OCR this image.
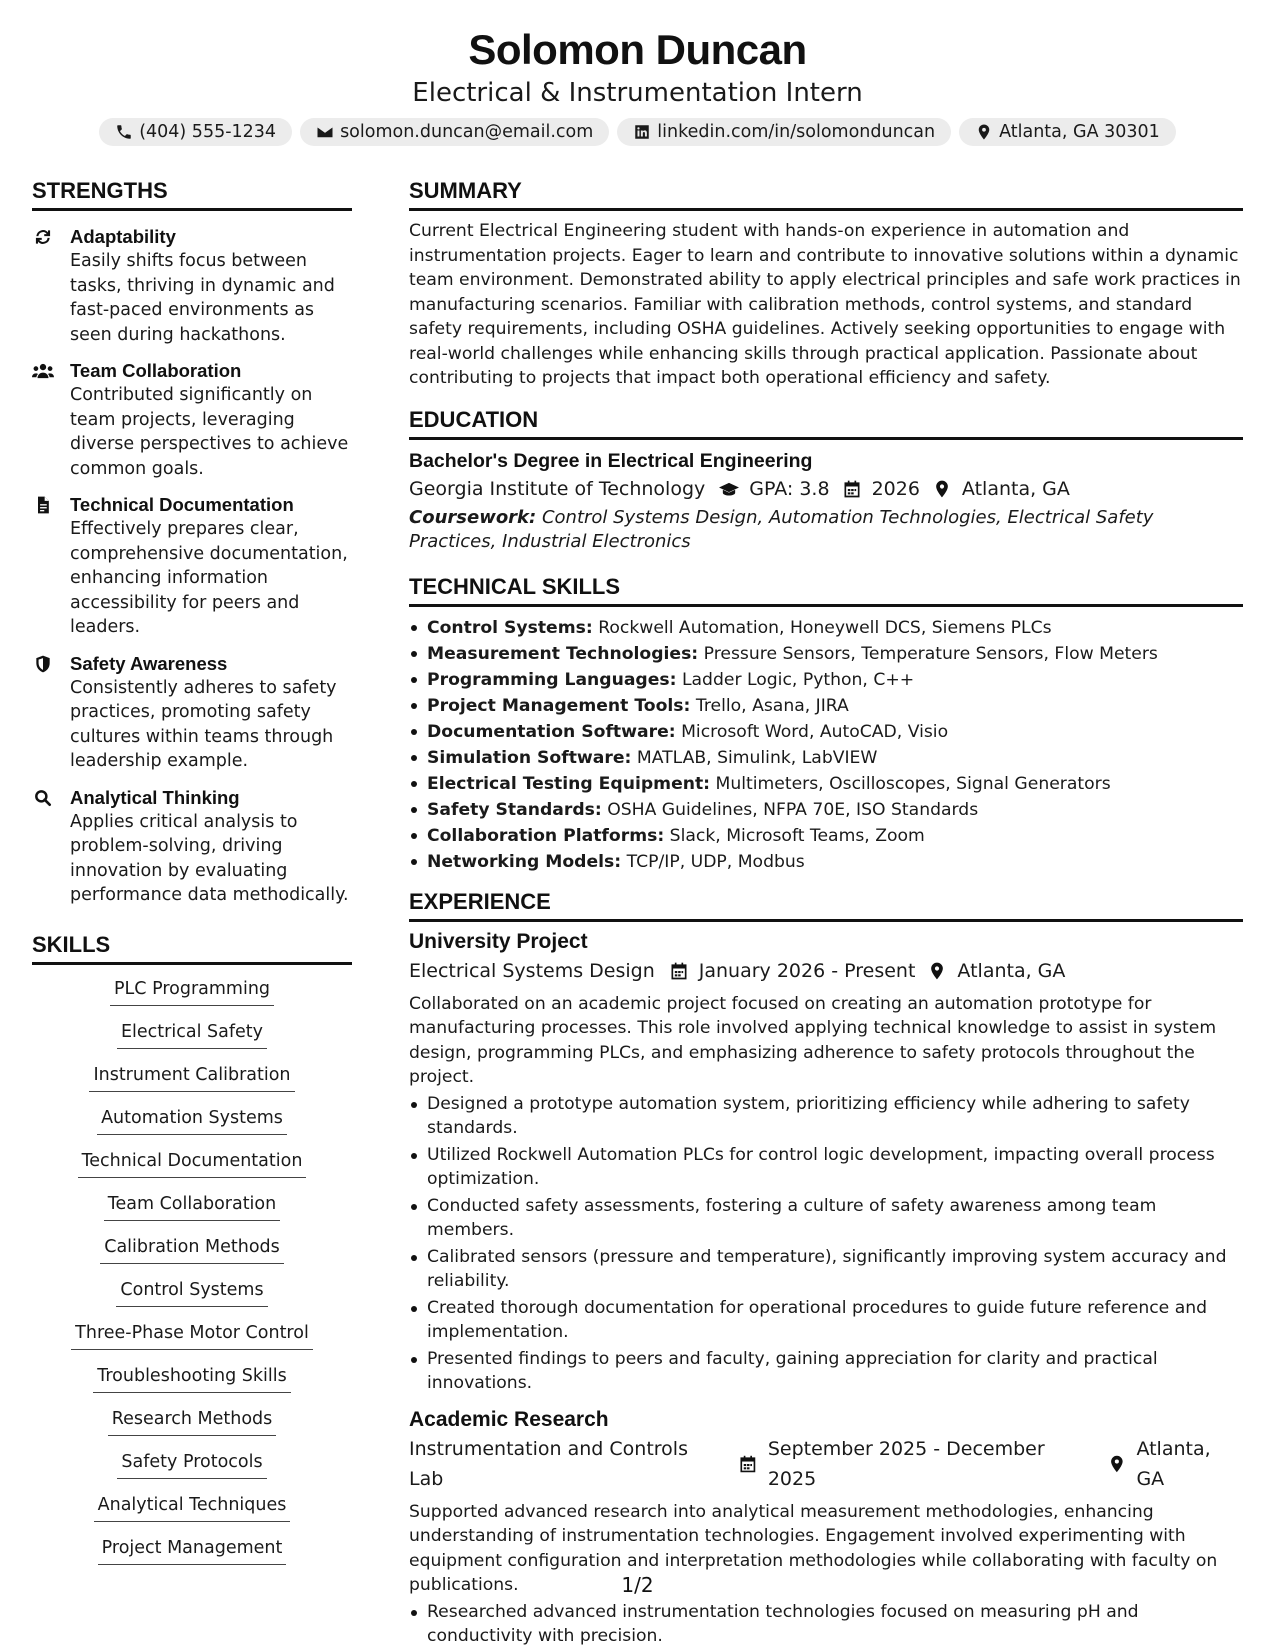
Solomon Duncan
Electrical & Instrumentation Intern
(404) 555-1234	solomon.duncan@email.com	linkedin.com/in/solomonduncan	Atlanta, GA 30301
STRENGTHS
Adaptability
Easily shifts focus between tasks, thriving in dynamic and fast-paced environments as seen during hackathons.
Team Collaboration
Contributed significantly on team projects, leveraging diverse perspectives to achieve common goals.
Technical Documentation
Effectively prepares clear, comprehensive documentation, enhancing information accessibility for peers and leaders.
Safety Awareness
Consistently adheres to safety practices, promoting safety cultures within teams through leadership example.
Analytical Thinking
Applies critical analysis to problem-solving, driving innovation by evaluating performance data methodically.
SKILLS
PLC Programming
Electrical Safety
Instrument Calibration
Automation Systems
Technical Documentation
Team Collaboration
Calibration Methods
Control Systems
Three-Phase Motor Control
Troubleshooting Skills
Research Methods
Safety Protocols
Analytical Techniques
Project Management
SUMMARY
Current Electrical Engineering student with hands-on experience in automation and instrumentation projects. Eager to learn and contribute to innovative solutions within a dynamic team environment. Demonstrated ability to apply electrical principles and safe work practices in manufacturing scenarios. Familiar with calibration methods, control systems, and standard safety requirements, including OSHA guidelines. Actively seeking opportunities to engage with real-world challenges while enhancing skills through practical application. Passionate about contributing to projects that impact both operational efficiency and safety.
EDUCATION
Bachelor's Degree in Electrical Engineering
Georgia Institute of Technology GPA: 3.8 2026 Atlanta, GA
Coursework: Control Systems Design, Automation Technologies, Electrical Safety Practices, Industrial Electronics
TECHNICAL SKILLS
Control Systems: Rockwell Automation, Honeywell DCS, Siemens PLCs
Measurement Technologies: Pressure Sensors, Temperature Sensors, Flow Meters
Programming Languages: Ladder Logic, Python, C++
Project Management Tools: Trello, Asana, JIRA
Documentation Software: Microsoft Word, AutoCAD, Visio
Simulation Software: MATLAB, Simulink, LabVIEW
Electrical Testing Equipment: Multimeters, Oscilloscopes, Signal Generators
Safety Standards: OSHA Guidelines, NFPA 70E, ISO Standards
Collaboration Platforms: Slack, Microsoft Teams, Zoom
Networking Models: TCP/IP, UDP, Modbus
EXPERIENCE
University Project
Electrical Systems Design January 2026 - Present Atlanta, GA
Collaborated on an academic project focused on creating an automation prototype for manufacturing processes. This role involved applying technical knowledge to assist in system design, programming PLCs, and emphasizing adherence to safety protocols throughout the project.
Designed a prototype automation system, prioritizing efficiency while adhering to safety standards.
Utilized Rockwell Automation PLCs for control logic development, impacting overall process optimization.
Conducted safety assessments, fostering a culture of safety awareness among team members.
Calibrated sensors (pressure and temperature), significantly improving system accuracy and reliability.
Created thorough documentation for operational procedures to guide future reference and implementation.
Presented findings to peers and faculty, gaining appreciation for clarity and practical innovations.
Academic Research
Instrumentation and Controls Lab
September 2025 - December 2025
Atlanta, GA
Supported advanced research into analytical measurement methodologies, enhancing understanding of instrumentation technologies. Engagement involved experimenting with equipment configuration and interpretation methodologies while collaborating with faculty on publications.
Researched advanced instrumentation technologies focused on measuring pH and conductivity with precision.
1/2
